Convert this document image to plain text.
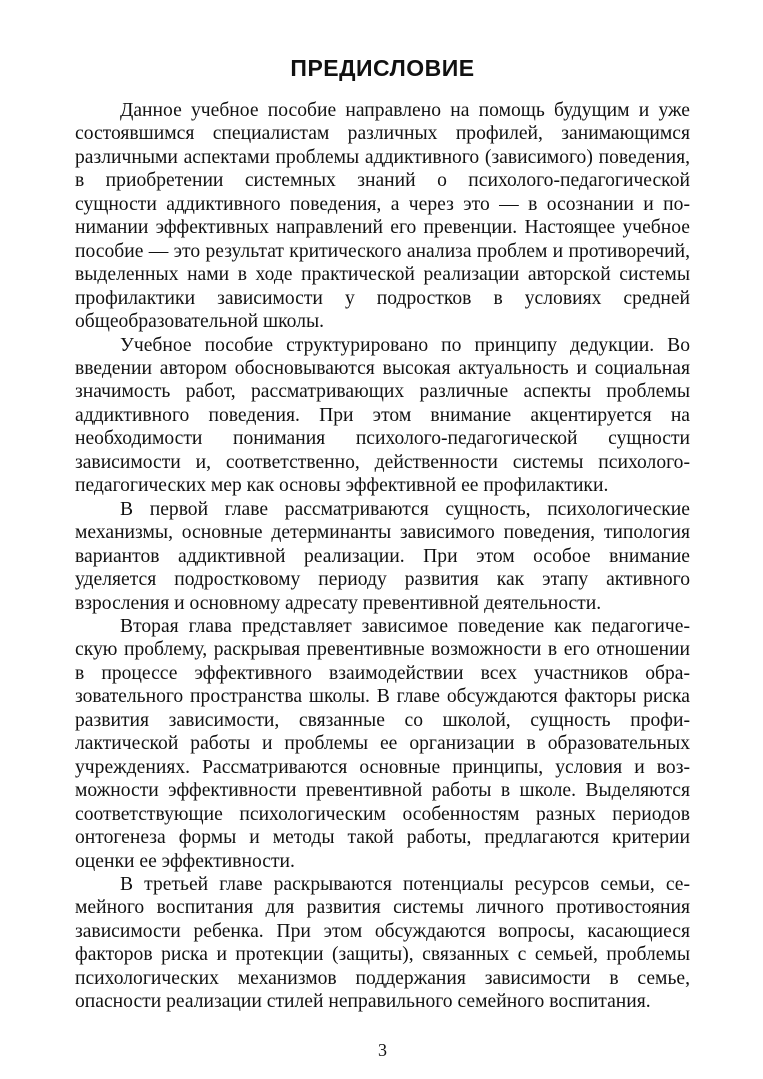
ПРЕДИСЛОВИЕ

Данное учебное пособие направлено на помощь будущим и уже состоявшимся специалистам различных профилей, занимающимся различными аспектами проблемы аддиктивного (зависимого) поведения, в приобретении системных знаний о психолого-педагогической сущности аддиктивного поведения, а через это — в осознании и понимании эффективных направлений его превенции. Настоящее учебное пособие — это результат критического анализа проблем и противоречий, выделенных нами в ходе практической реализации авторской системы профилактики зависимости у подростков в условиях средней общеобразовательной школы.

Учебное пособие структурировано по принципу дедукции. Во введении автором обосновываются высокая актуальность и социальная значимость работ, рассматривающих различные аспекты проблемы аддиктивного поведения. При этом внимание акцентируется на необходимости понимания психолого-педагогической сущности зависимости и, соответственно, действенности системы психолого-педагогических мер как основы эффективной ее профилактики.

В первой главе рассматриваются сущность, психологические механизмы, основные детерминанты зависимого поведения, типология вариантов аддиктивной реализации. При этом особое внимание уделяется подростковому периоду развития как этапу активного взросления и основному адресату превентивной деятельности.

Вторая глава представляет зависимое поведение как педагогическую проблему, раскрывая превентивные возможности в его отношении в процессе эффективного взаимодействии всех участников образовательного пространства школы. В главе обсуждаются факторы риска развития зависимости, связанные со школой, сущность профилактической работы и проблемы ее организации в образовательных учреждениях. Рассматриваются основные принципы, условия и возможности эффективности превентивной работы в школе. Выделяются соответствующие психологическим особенностям разных периодов онтогенеза формы и методы такой работы, предлагаются критерии оценки ее эффективности.

В третьей главе раскрываются потенциалы ресурсов семьи, семейного воспитания для развития системы личного противостояния зависимости ребенка. При этом обсуждаются вопросы, касающиеся факторов риска и протекции (защиты), связанных с семьей, проблемы психологических механизмов поддержания зависимости в семье, опасности реализации стилей неправильного семейного воспитания.

3
